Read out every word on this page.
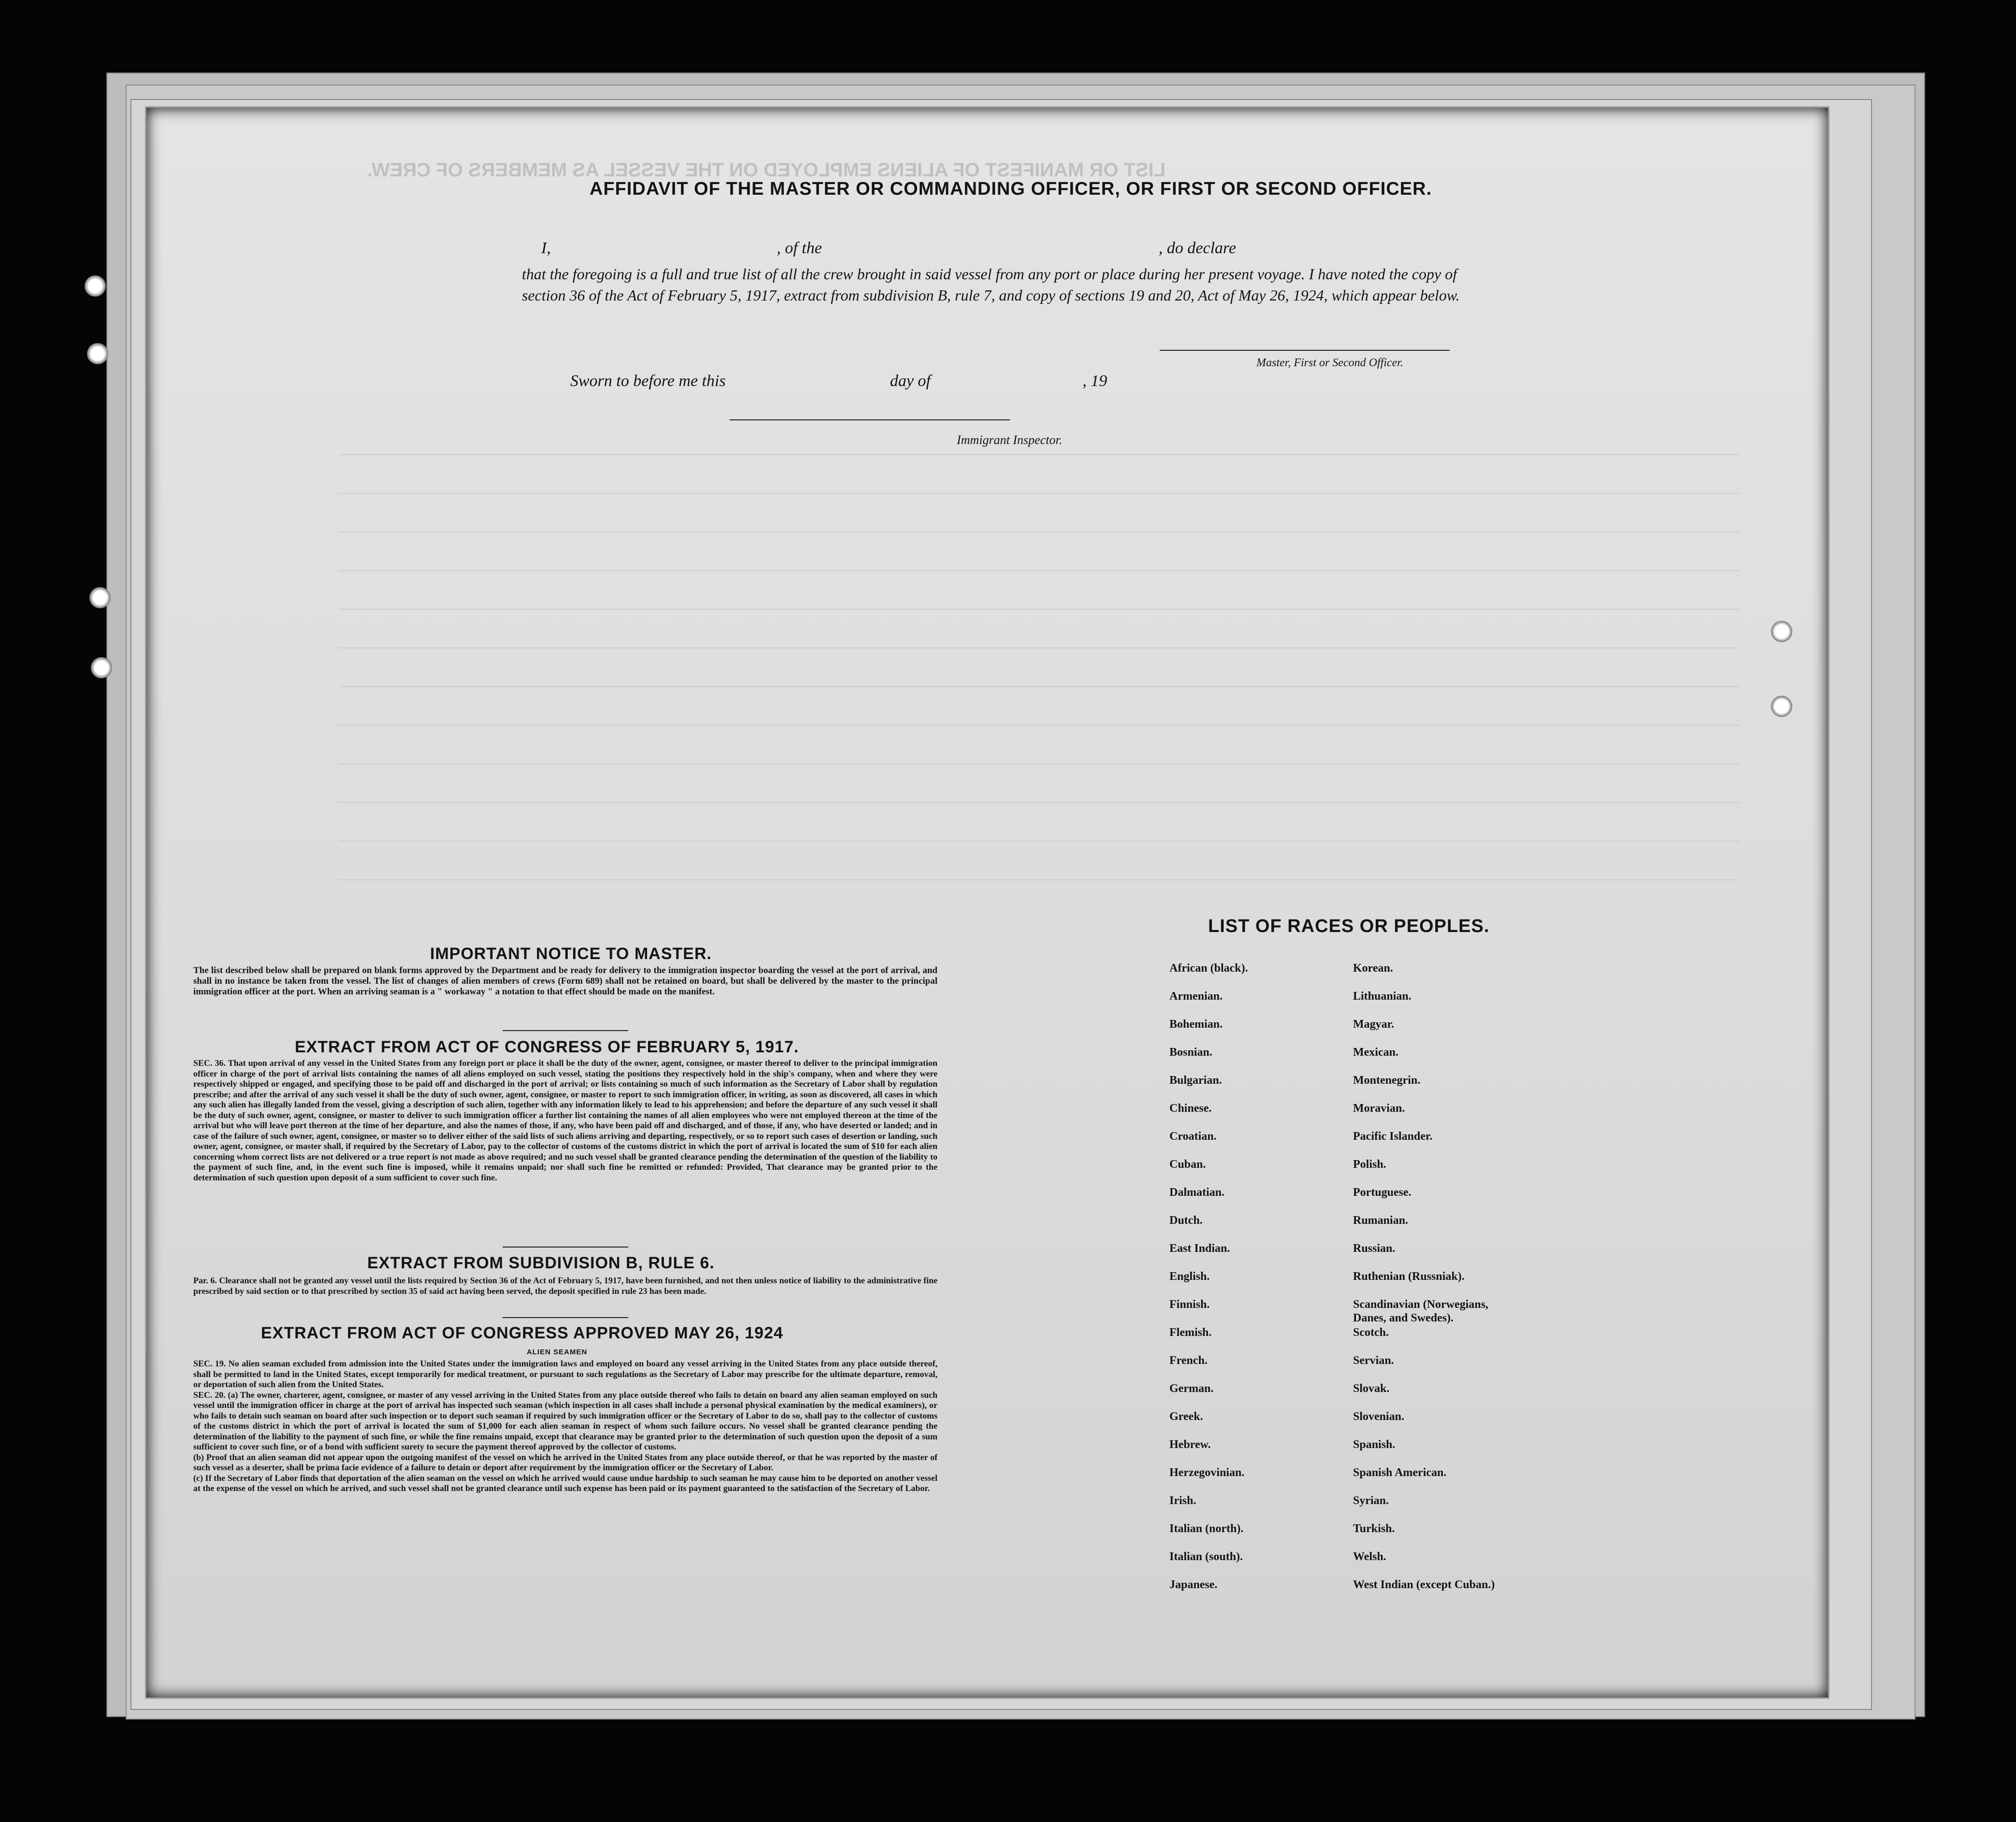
LIST OR MANIFEST OF ALIENS EMPLOYED ON THE VESSEL AS MEMBERS OF CREW.
AFFIDAVIT OF THE MASTER OR COMMANDING OFFICER, OR FIRST OR SECOND OFFICER.
I,                                                       , of the                                                                                  , do declare
that the foregoing is a full and true list of all the crew brought in said vessel from any port or place during her present voyage. I have noted the copy of section 36 of the Act of February 5, 1917, extract from subdivision B, rule 7, and copy of sections 19 and 20, Act of May 26, 1924, which appear below.
Master, First or Second Officer.
Sworn to before me this                                        day of                                     , 19
Immigrant Inspector.
IMPORTANT NOTICE TO MASTER.
The list described below shall be prepared on blank forms approved by the Department and be ready for delivery to the immigration inspector boarding the vessel at the port of arrival, and shall in no instance be taken from the vessel. The list of changes of alien members of crews (Form 689) shall not be retained on board, but shall be delivered by the master to the principal immigration officer at the port. When an arriving seaman is a " workaway " a notation to that effect should be made on the manifest.
EXTRACT FROM ACT OF CONGRESS OF FEBRUARY 5, 1917.
SEC. 36. That upon arrival of any vessel in the United States from any foreign port or place it shall be the duty of the owner, agent, consignee, or master thereof to deliver to the principal immigration officer in charge of the port of arrival lists containing the names of all aliens employed on such vessel, stating the positions they respectively hold in the ship's company, when and where they were respectively shipped or engaged, and specifying those to be paid off and discharged in the port of arrival; or lists containing so much of such information as the Secretary of Labor shall by regulation prescribe; and after the arrival of any such vessel it shall be the duty of such owner, agent, consignee, or master to report to such immigration officer, in writing, as soon as discovered, all cases in which any such alien has illegally landed from the vessel, giving a description of such alien, together with any information likely to lead to his apprehension; and before the departure of any such vessel it shall be the duty of such owner, agent, consignee, or master to deliver to such immigration officer a further list containing the names of all alien employees who were not employed thereon at the time of the arrival but who will leave port thereon at the time of her departure, and also the names of those, if any, who have been paid off and discharged, and of those, if any, who have deserted or landed; and in case of the failure of such owner, agent, consignee, or master so to deliver either of the said lists of such aliens arriving and departing, respectively, or so to report such cases of desertion or landing, such owner, agent, consignee, or master shall, if required by the Secretary of Labor, pay to the collector of customs of the customs district in which the port of arrival is located the sum of $10 for each alien concerning whom correct lists are not delivered or a true report is not made as above required; and no such vessel shall be granted clearance pending the determination of the question of the liability to the payment of such fine, and, in the event such fine is imposed, while it remains unpaid; nor shall such fine be remitted or refunded: Provided, That clearance may be granted prior to the determination of such question upon deposit of a sum sufficient to cover such fine.
EXTRACT FROM SUBDIVISION B, RULE 6.
Par. 6. Clearance shall not be granted any vessel until the lists required by Section 36 of the Act of February 5, 1917, have been furnished, and not then unless notice of liability to the administrative fine prescribed by said section or to that prescribed by section 35 of said act having been served, the deposit specified in rule 23 has been made.
EXTRACT FROM ACT OF CONGRESS APPROVED MAY 26, 1924
ALIEN SEAMEN

SEC. 19. No alien seaman excluded from admission into the United States under the immigration laws and employed on board any vessel arriving in the United States from any place outside thereof, shall be permitted to land in the United States, except temporarily for medical treatment, or pursuant to such regulations as the Secretary of Labor may prescribe for the ultimate departure, removal, or deportation of such alien from the United States.

SEC. 20. (a) The owner, charterer, agent, consignee, or master of any vessel arriving in the United States from any place outside thereof who fails to detain on board any alien seaman employed on such vessel until the immigration officer in charge at the port of arrival has inspected such seaman (which inspection in all cases shall include a personal physical examination by the medical examiners), or who fails to detain such seaman on board after such inspection or to deport such seaman if required by such immigration officer or the Secretary of Labor to do so, shall pay to the collector of customs of the customs district in which the port of arrival is located the sum of $1,000 for each alien seaman in respect of whom such failure occurs. No vessel shall be granted clearance pending the determination of the liability to the payment of such fine, or while the fine remains unpaid, except that clearance may be granted prior to the determination of such question upon the deposit of a sum sufficient to cover such fine, or of a bond with sufficient surety to secure the payment thereof approved by the collector of customs.

(b) Proof that an alien seaman did not appear upon the outgoing manifest of the vessel on which he arrived in the United States from any place outside thereof, or that he was reported by the master of such vessel as a deserter, shall be prima facie evidence of a failure to detain or deport after requirement by the immigration officer or the Secretary of Labor.

(c) If the Secretary of Labor finds that deportation of the alien seaman on the vessel on which he arrived would cause undue hardship to such seaman he may cause him to be deported on another vessel at the expense of the vessel on which he arrived, and such vessel shall not be granted clearance until such expense has been paid or its payment guaranteed to the satisfaction of the Secretary of Labor.

LIST OF RACES OR PEOPLES.
African (black).
Armenian.
Bohemian.
Bosnian.
Bulgarian.
Chinese.
Croatian.
Cuban.
Dalmatian.
Dutch.
East Indian.
English.
Finnish.
Flemish.
French.
German.
Greek.
Hebrew.
Herzegovinian.
Irish.
Italian (north).
Italian (south).
Japanese.
Korean.
Lithuanian.
Magyar.
Mexican.
Montenegrin.
Moravian.
Pacific Islander.
Polish.
Portuguese.
Rumanian.
Russian.
Ruthenian (Russniak).
Scandinavian (Norwegians, Danes, and Swedes).
Scotch.
Servian.
Slovak.
Slovenian.
Spanish.
Spanish American.
Syrian.
Turkish.
Welsh.
West Indian (except Cuban.)
